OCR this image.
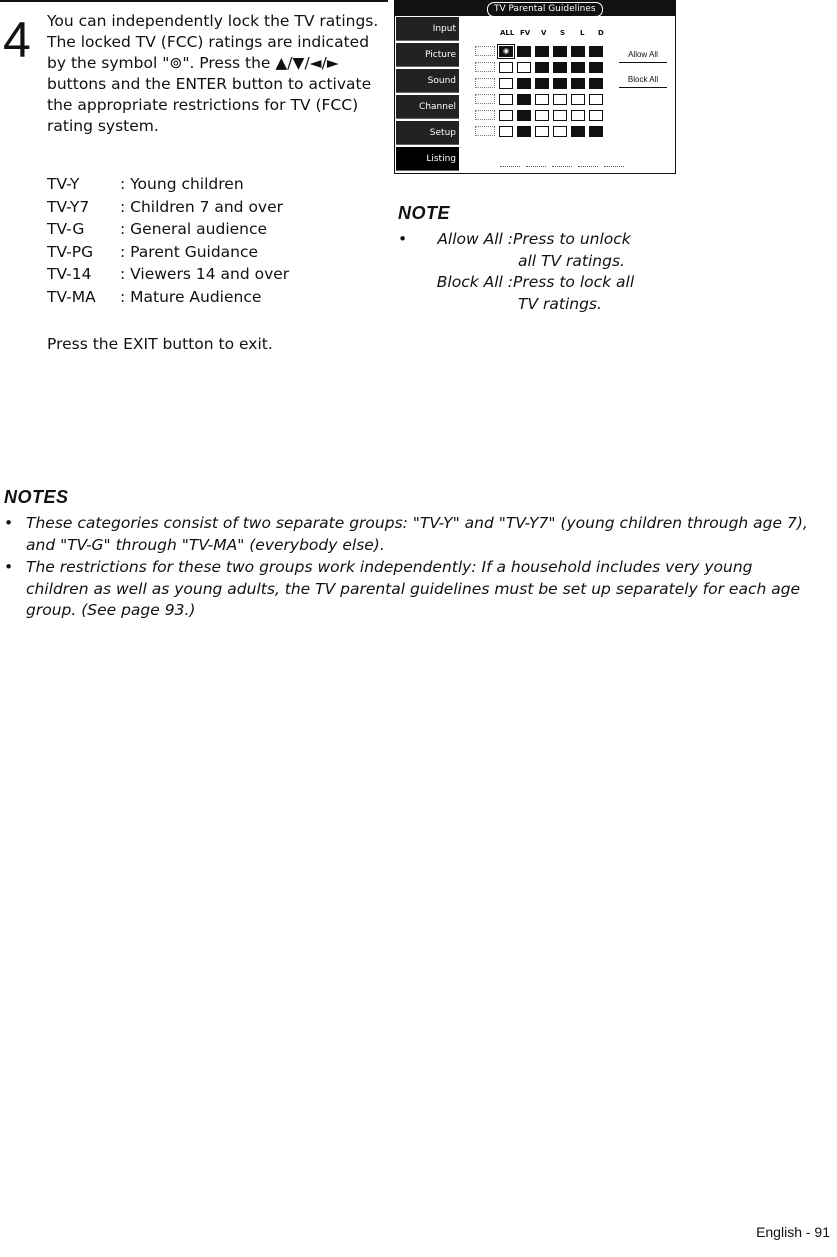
4 You can independently lock the TV ratings. The locked TV (FCC) ratings are indicated by the symbol "⊚". Press the ▲/▼/◄/► buttons and the ENTER button to activate the appropriate restrictions for TV (FCC) rating system.

TV-Y	: Young children
TV-Y7	: Children 7 and over
TV-G	: General audience
TV-PG	: Parent Guidance
TV-14	: Viewers 14 and over
TV-MA	: Mature Audience
Press the EXIT button to exit.
TV Parental Guidelines
Input
Picture
Sound
Channel
Setup
Listing
ALL FV V S L D
◉	Allow All
Block All
NOTE
•	Allow All : Press to unlock
all TV ratings.
Block All : Press to lock all
TV ratings.
NOTES
• These categories consist of two separate groups: "TV-Y" and "TV-Y7" (young children through age 7), and "TV-G" through "TV-MA" (everybody else).
• The restrictions for these two groups work independently: If a household includes very young children as well as young adults, the TV parental guidelines must be set up separately for each age group. (See page 93.)
English - 91
